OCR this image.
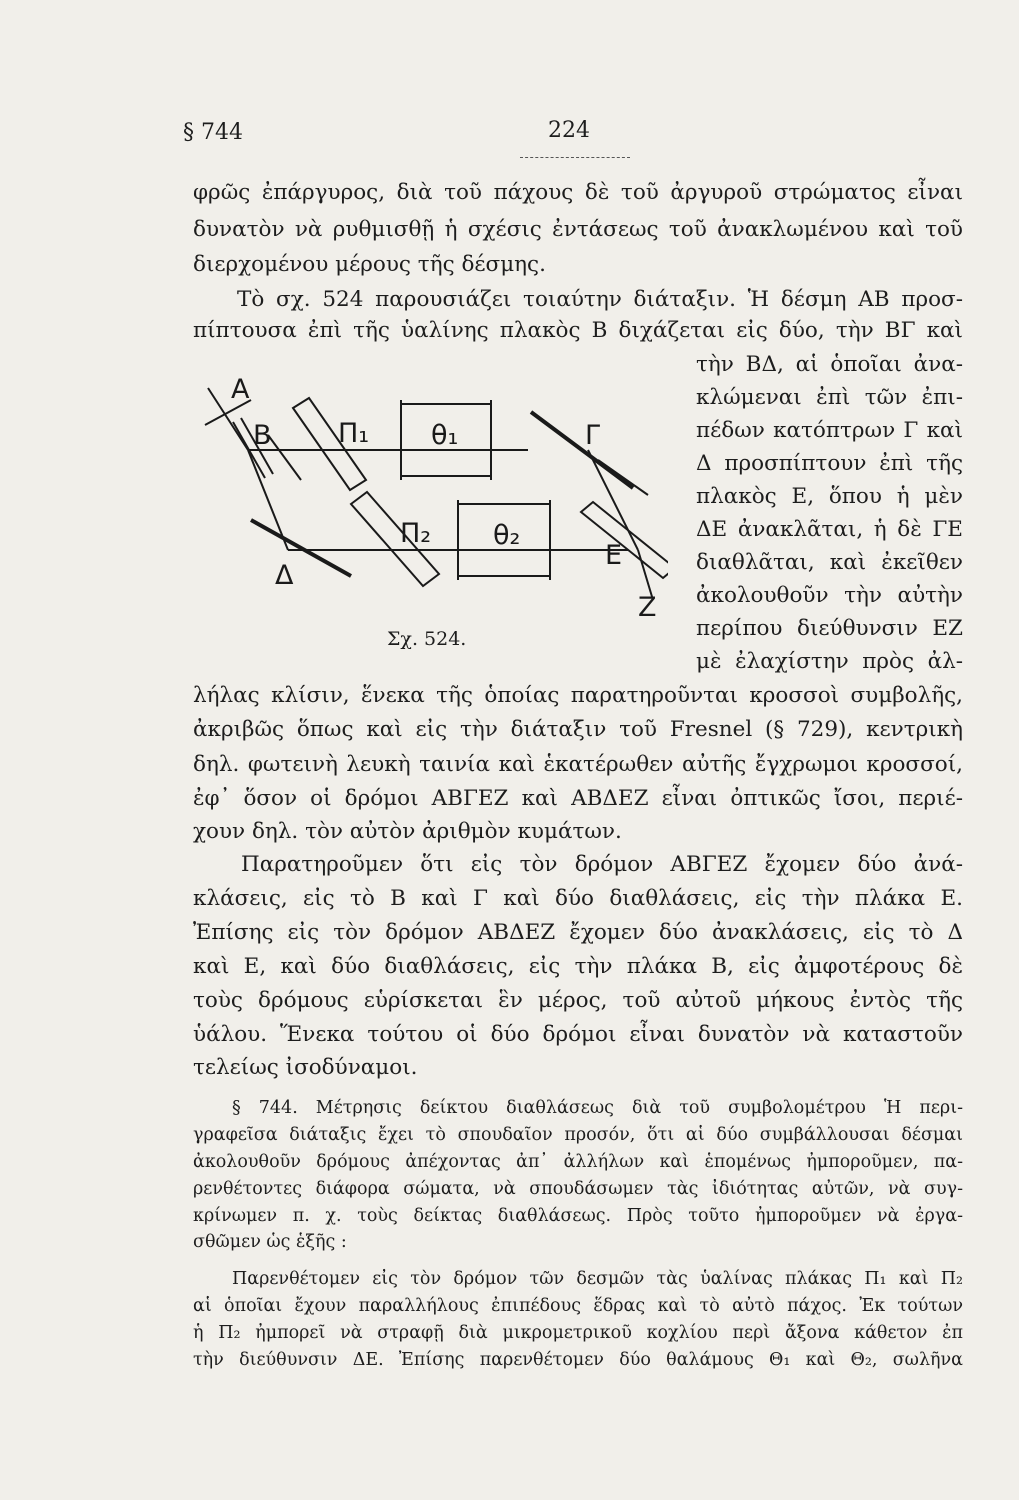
§ 744	224
φρῶς ἐπάργυρος, διὰ τοῦ πάχους δὲ τοῦ ἀργυροῦ στρώματος εἶναι
δυνατὸν νὰ ρυθμισθῇ ἡ σχέσις ἐντάσεως τοῦ ἀνακλωμένου καὶ τοῦ
διερχομένου μέρους τῆς δέσμης.
Τὸ σχ. 524 παρουσιάζει τοιαύτην διάταξιν. Ἡ δέσμη ΑΒ προσ-
πίπτουσα ἐπὶ τῆς ὑαλίνης πλακὸς Β διχάζεται εἰς δύο, τὴν ΒΓ καὶ
Α
Β Π₁ θ₁	Γ
Π₂ θ₂
Δ
Ε
Ζ
Σχ. 524.
τὴν ΒΔ, αἱ ὁποῖαι ἀνα-
κλώμεναι ἐπὶ τῶν ἐπι-
πέδων κατόπτρων Γ καὶ
Δ προσπίπτουν ἐπὶ τῆς
πλακὸς Ε, ὅπου ἡ μὲν
ΔΕ ἀνακλᾶται, ἡ δὲ ΓΕ
διαθλᾶται, καὶ ἐκεῖθεν
ἀκολουθοῦν τὴν αὐτὴν
περίπου διεύθυνσιν ΕΖ
μὲ ἐλαχίστην πρὸς ἀλ-
λήλας κλίσιν, ἕνεκα τῆς ὁποίας παρατηροῦνται κροσσοὶ συμβολῆς,
ἀκριβῶς ὅπως καὶ εἰς τὴν διάταξιν τοῦ Fresnel (§ 729), κεντρικὴ
δηλ. φωτεινὴ λευκὴ ταινία καὶ ἑκατέρωθεν αὐτῆς ἔγχρωμοι κροσσοί,
ἐφ᾽ ὅσον οἱ δρόμοι ΑΒΓΕΖ καὶ ΑΒΔΕΖ εἶναι ὀπτικῶς ἴσοι, περιέ-
χουν δηλ. τὸν αὐτὸν ἀριθμὸν κυμάτων.
Παρατηροῦμεν ὅτι εἰς τὸν δρόμον ΑΒΓΕΖ ἔχομεν δύο ἀνά-
κλάσεις, εἰς τὸ Β καὶ Γ καὶ δύο διαθλάσεις, εἰς τὴν πλάκα Ε.
Ἐπίσης εἰς τὸν δρόμον ΑΒΔΕΖ ἔχομεν δύο ἀνακλάσεις, εἰς τὸ Δ
καὶ Ε, καὶ δύο διαθλάσεις, εἰς τὴν πλάκα Β, εἰς ἀμφοτέρους δὲ
τοὺς δρόμους εὑρίσκεται ἓν μέρος, τοῦ αὐτοῦ μήκους ἐντὸς τῆς
ὑάλου. Ἕνεκα τούτου οἱ δύο δρόμοι εἶναι δυνατὸν νὰ καταστοῦν
τελείως ἰσοδύναμοι.
§ 744. Μέτρησις δείκτου διαθλάσεως διὰ τοῦ συμβολομέτρου Ἡ περι-
γραφεῖσα διάταξις ἔχει τὸ σπουδαῖον προσόν, ὅτι αἱ δύο συμβάλλουσαι δέσμαι
ἀκολουθοῦν δρόμους ἀπέχοντας ἀπ᾽ ἀλλήλων καὶ ἑπομένως ἠμποροῦμεν, πα-
ρενθέτοντες διάφορα σώματα, νὰ σπουδάσωμεν τὰς ἰδιότητας αὐτῶν, νὰ συγ-
κρίνωμεν π. χ. τοὺς δείκτας διαθλάσεως. Πρὸς τοῦτο ἠμποροῦμεν νὰ ἐργα-
σθῶμεν ὡς ἑξῆς :
Παρενθέτομεν εἰς τὸν δρόμον τῶν δεσμῶν τὰς ὑαλίνας πλάκας Π₁ καὶ Π₂
αἱ ὁποῖαι ἔχουν παραλλήλους ἐπιπέδους ἕδρας καὶ τὸ αὐτὸ πάχος. Ἐκ τούτων
ἡ Π₂ ἠμπορεῖ νὰ στραφῇ διὰ μικρομετρικοῦ κοχλίου περὶ ἄξονα κάθετον ἐπ
τὴν διεύθυνσιν ΔΕ. Ἐπίσης παρενθέτομεν δύο θαλάμους Θ₁ καὶ Θ₂, σωλῆνα
